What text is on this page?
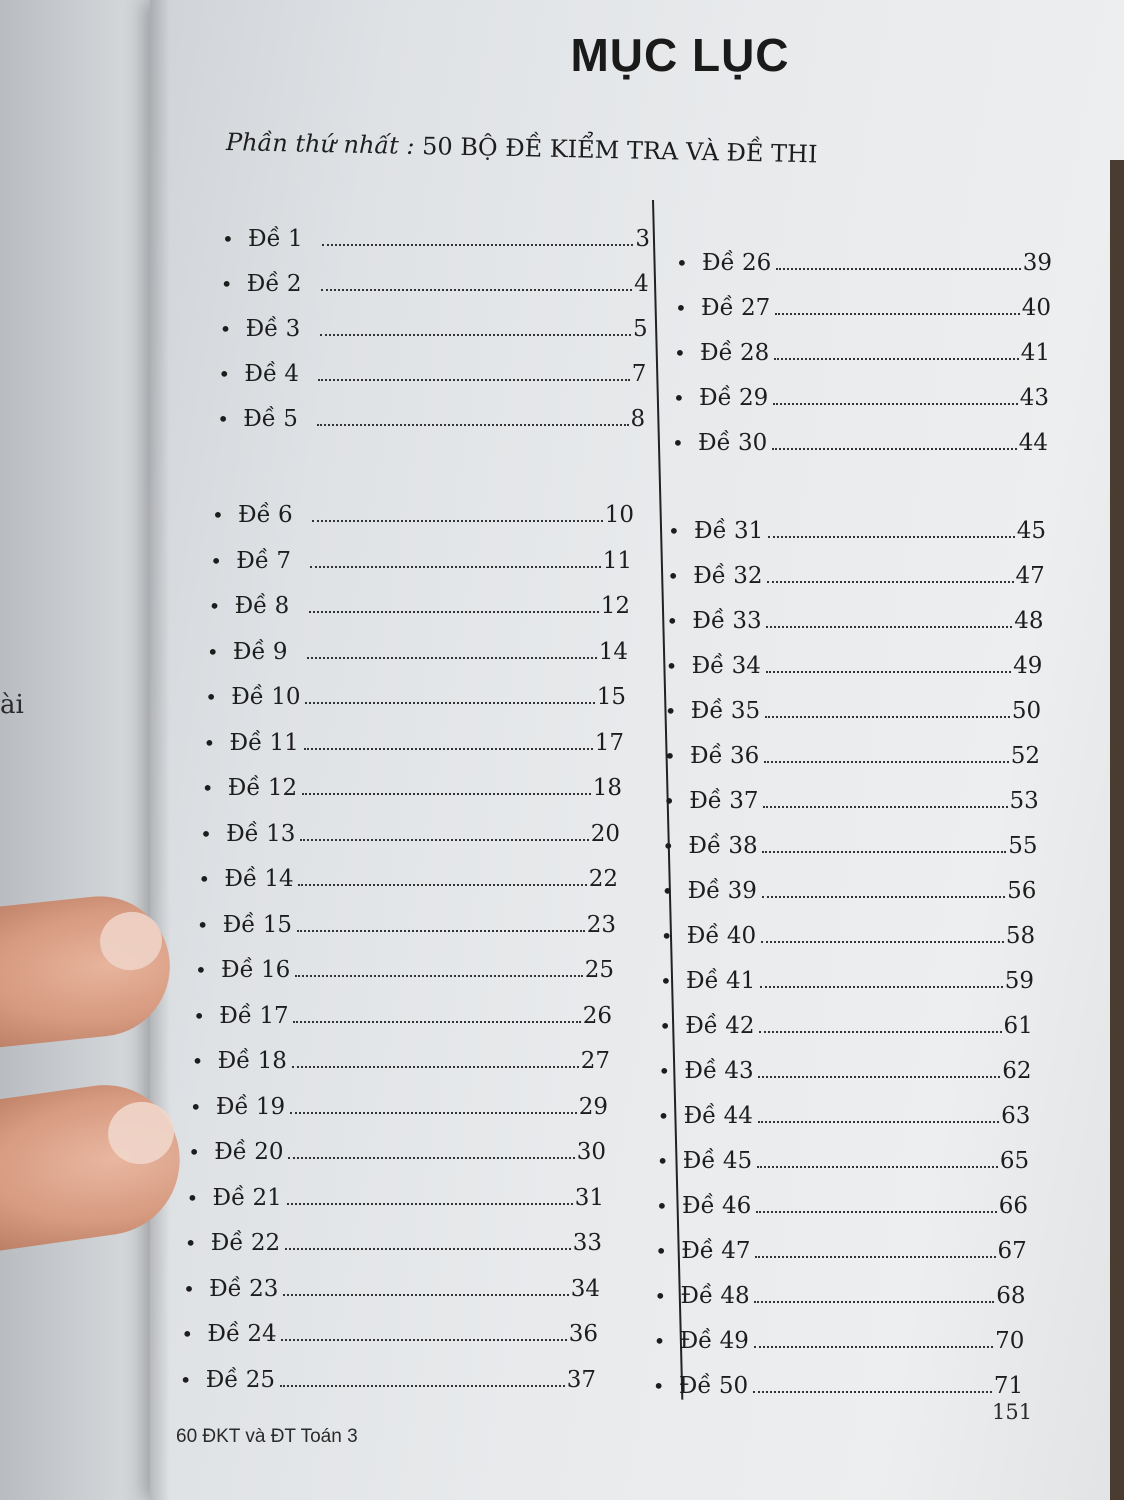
ài
MỤC LỤC
Phần thứ nhất : 50 BỘ ĐỀ KIỂM TRA VÀ ĐỀ THI
• Đề 1	3
• Đề 2	4
• Đề 3	5
• Đề 4	7
• Đề 5	8
• Đề 6	10
• Đề 7	11
• Đề 8	12
• Đề 9	14
• Đề 10	15
• Đề 11	17
• Đề 12	18
• Đề 13	20
• Đề 14	22
• Đề 15	23
• Đề 16	25
• Đề 17	26
• Đề 18	27
• Đề 19	29
• Đề 20	30
• Đề 21	31
• Đề 22	33
• Đề 23	34
• Đề 24	36
• Đề 25	37
• Đề 26	39
• Đề 27	40
• Đề 28	41
• Đề 29	43
• Đề 30	44
• Đề 31	45
• Đề 32	47
• Đề 33	48
• Đề 34	49
• Đề 35	50
• Đề 36	52
• Đề 37	53
• Đề 38	55
• Đề 39	56
• Đề 40	58
• Đề 41	59
• Đề 42	61
• Đề 43	62
• Đề 44	63
• Đề 45	65
• Đề 46	66
• Đề 47	67
• Đề 48	68
• Đề 49	70
• Đề 50	71
60 ĐKT và ĐT Toán 3
151
